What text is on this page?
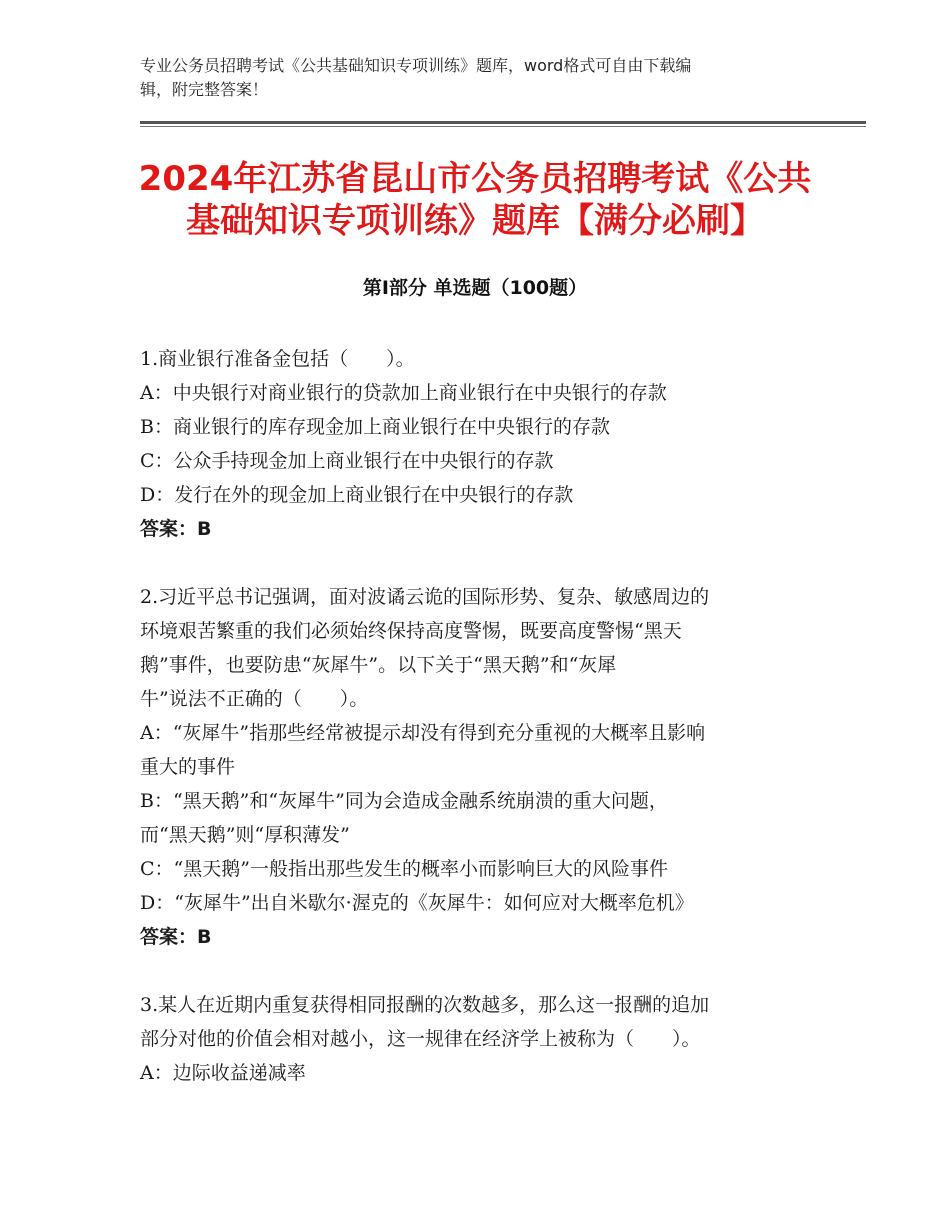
专业公务员招聘考试《公共基础知识专项训练》题库，word格式可自由下载编
辑，附完整答案！
2024年江苏省昆山市公务员招聘考试《公共
基础知识专项训练》题库【满分必刷】
第Ⅰ部分 单选题（100题）
1.商业银行准备金包括（　　）。
A：中央银行对商业银行的贷款加上商业银行在中央银行的存款
B：商业银行的库存现金加上商业银行在中央银行的存款
C：公众手持现金加上商业银行在中央银行的存款
D：发行在外的现金加上商业银行在中央银行的存款
答案：B
2.习近平总书记强调，面对波谲云诡的国际形势、复杂、敏感周边的
环境艰苦繁重的我们必须始终保持高度警惕，既要高度警惕“黑天
鹅”事件，也要防患“灰犀牛”。以下关于“黑天鹅”和“灰犀
牛”说法不正确的（　　）。
A：“灰犀牛”指那些经常被提示却没有得到充分重视的大概率且影响
重大的事件
B：“黑天鹅”和“灰犀牛”同为会造成金融系统崩溃的重大问题，
而“黑天鹅”则“厚积薄发”
C：“黑天鹅”一般指出那些发生的概率小而影响巨大的风险事件
D：“灰犀牛”出自米歇尔·渥克的《灰犀牛：如何应对大概率危机》
答案：B
3.某人在近期内重复获得相同报酬的次数越多，那么这一报酬的追加
部分对他的价值会相对越小，这一规律在经济学上被称为（　　）。
A：边际收益递减率
